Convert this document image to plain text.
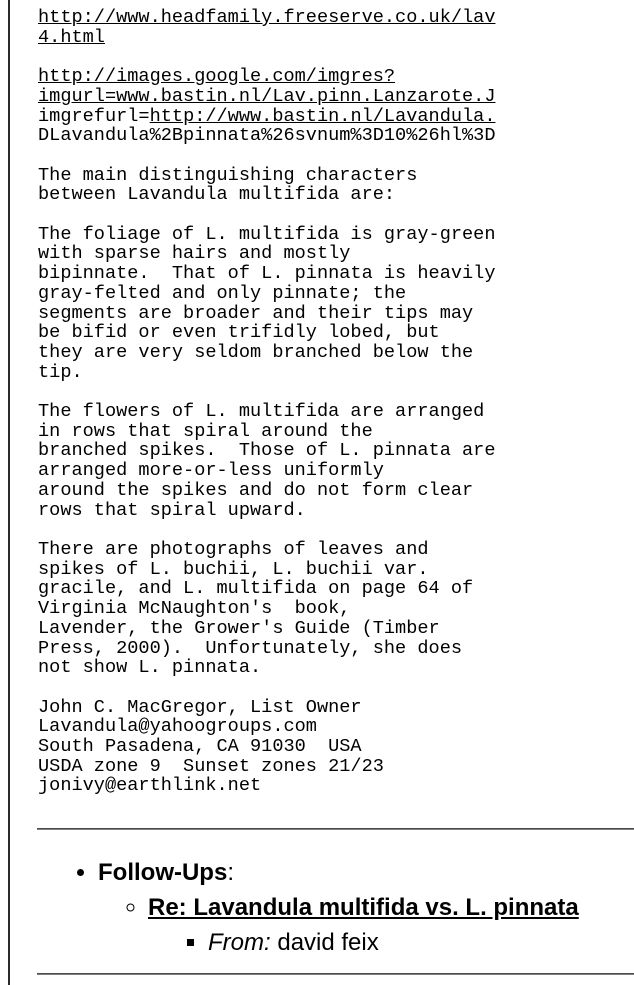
http://www.headfamily.freeserve.co.uk/lav
4.html

http://images.google.com/imgres?
imgurl=www.bastin.nl/Lav.pinn.Lanzarote.J
imgrefurl=http://www.bastin.nl/Lavandula.
DLavandula%2Bpinnata%26svnum%3D10%26hl%3D

The main distinguishing characters
between Lavandula multifida are:

The foliage of L. multifida is gray-green
with sparse hairs and mostly
bipinnate.  That of L. pinnata is heavily
gray-felted and only pinnate; the
segments are broader and their tips may
be bifid or even trifidly lobed, but
they are very seldom branched below the
tip.

The flowers of L. multifida are arranged
in rows that spiral around the
branched spikes.  Those of L. pinnata are
arranged more-or-less uniformly
around the spikes and do not form clear
rows that spiral upward.

There are photographs of leaves and
spikes of L. buchii, L. buchii var.
gracile, and L. multifida on page 64 of
Virginia McNaughton's  book,
Lavender, the Grower's Guide (Timber
Press, 2000).  Unfortunately, she does
not show L. pinnata.

John C. MacGregor, List Owner
Lavandula@yahoogroups.com
South Pasadena, CA 91030  USA
USDA zone 9  Sunset zones 21/23
jonivy@earthlink.net
• Follow-Ups:
◦ Re: Lavandula multifida vs. L. pinnata
▪ From: david feix
